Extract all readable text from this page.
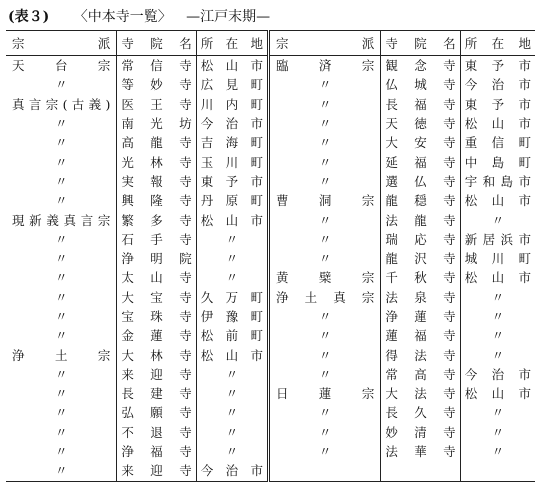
(表３) 〈中本寺一覧〉 —江戸末期—
宗　派	寺院名	所在地	宗　派	寺院名	所在地
天台宗	常信寺	松山市	臨済宗	観念寺	東予市
〃	等妙寺	広見町	〃	仏城寺	今治市
真言宗(古義)	医王寺	川内町	〃	長福寺	東予市
〃	南光坊	今治市	〃	天徳寺	松山市
〃	高龍寺	吉海町	〃	大安寺	重信町
〃	光林寺	玉川町	〃	延福寺	中島町
〃	実報寺	東予市	〃	選仏寺	宇和島市
〃	興隆寺	丹原町	曹洞宗	龍穏寺	松山市
現新義真言宗	繁多寺	松山市	〃	法龍寺	〃
〃	石手寺	〃	〃	瑞応寺	新居浜市
〃	浄明院	〃	〃	龍沢寺	城川町
〃	太山寺	〃	黄檗宗	千秋寺	松山市
〃	大宝寺	久万町	浄土真宗	法泉寺	〃
〃	宝珠寺	伊豫町	〃	浄蓮寺	〃
〃	金蓮寺	松前町	〃	蓮福寺	〃
浄土宗	大林寺	松山市	〃	得法寺	〃
〃	来迎寺	〃	〃	常高寺	今治市
〃	長建寺	〃	日蓮宗	大法寺	松山市
〃	弘願寺	〃	〃	長久寺	〃
〃	不退寺	〃	〃	妙清寺	〃
〃	浄福寺	〃	〃	法華寺	〃
〃	来迎寺	今治市			
